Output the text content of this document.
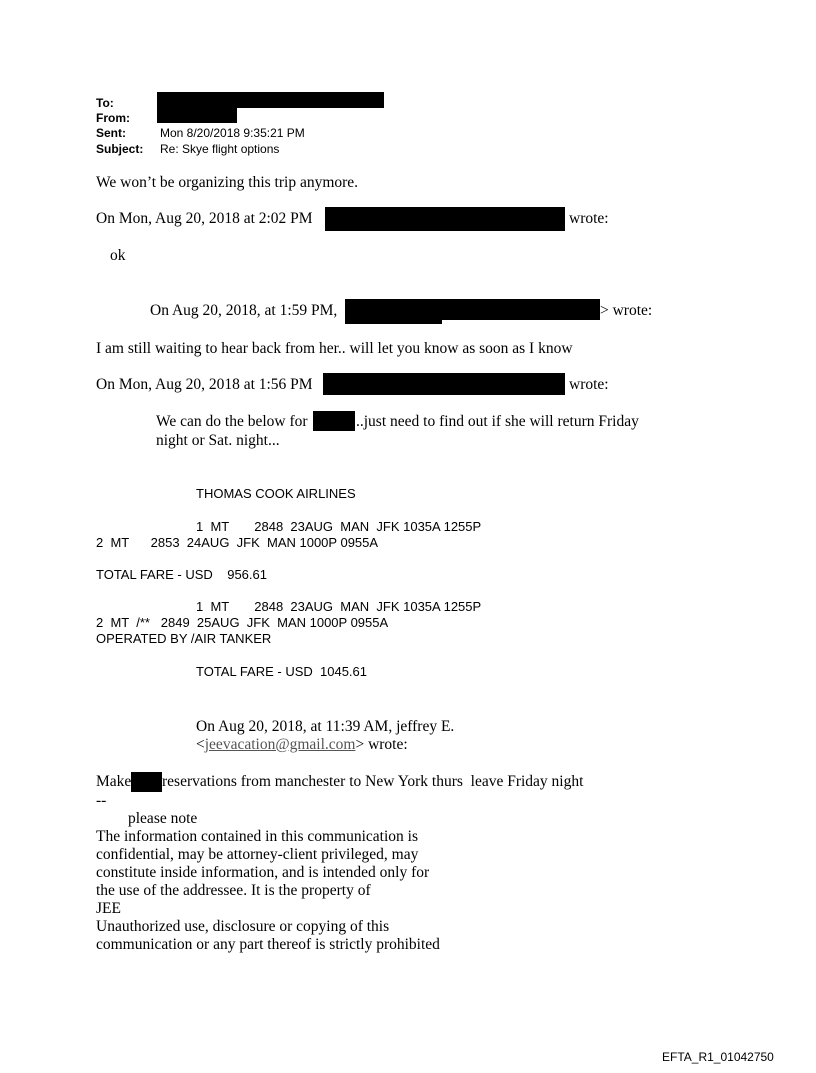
To:
From:
Sent:	Mon 8/20/2018 9:35:21 PM
Subject: Re: Skye flight options
We won’t be organizing this trip anymore.
On Mon, Aug 20, 2018 at 2:02 PM	wrote:
ok
On Aug 20, 2018, at 1:59 PM,	> wrote:
I am still waiting to hear back from her.. will let you know as soon as I know
On Mon, Aug 20, 2018 at 1:56 PM	wrote:
We can do the below for	..just need to find out if she will return Friday
night or Sat. night...
THOMAS COOK AIRLINES
1  MT       2848  23AUG  MAN  JFK 1035A 1255P
2  MT      2853  24AUG  JFK  MAN 1000P 0955A
TOTAL FARE - USD    956.61
1  MT       2848  23AUG  MAN  JFK 1035A 1255P
2  MT  /**   2849  25AUG  JFK  MAN 1000P 0955A
OPERATED BY /AIR TANKER
TOTAL FARE - USD  1045.61
On Aug 20, 2018, at 11:39 AM, jeffrey E.
<jeevacation@gmail.com> wrote:
Make reservations from manchester to New York thurs  leave Friday night
--
please note
The information contained in this communication is
confidential, may be attorney-client privileged, may
constitute inside information, and is intended only for
the use of the addressee. It is the property of
JEE
Unauthorized use, disclosure or copying of this
communication or any part thereof is strictly prohibited
EFTA_R1_01042750
